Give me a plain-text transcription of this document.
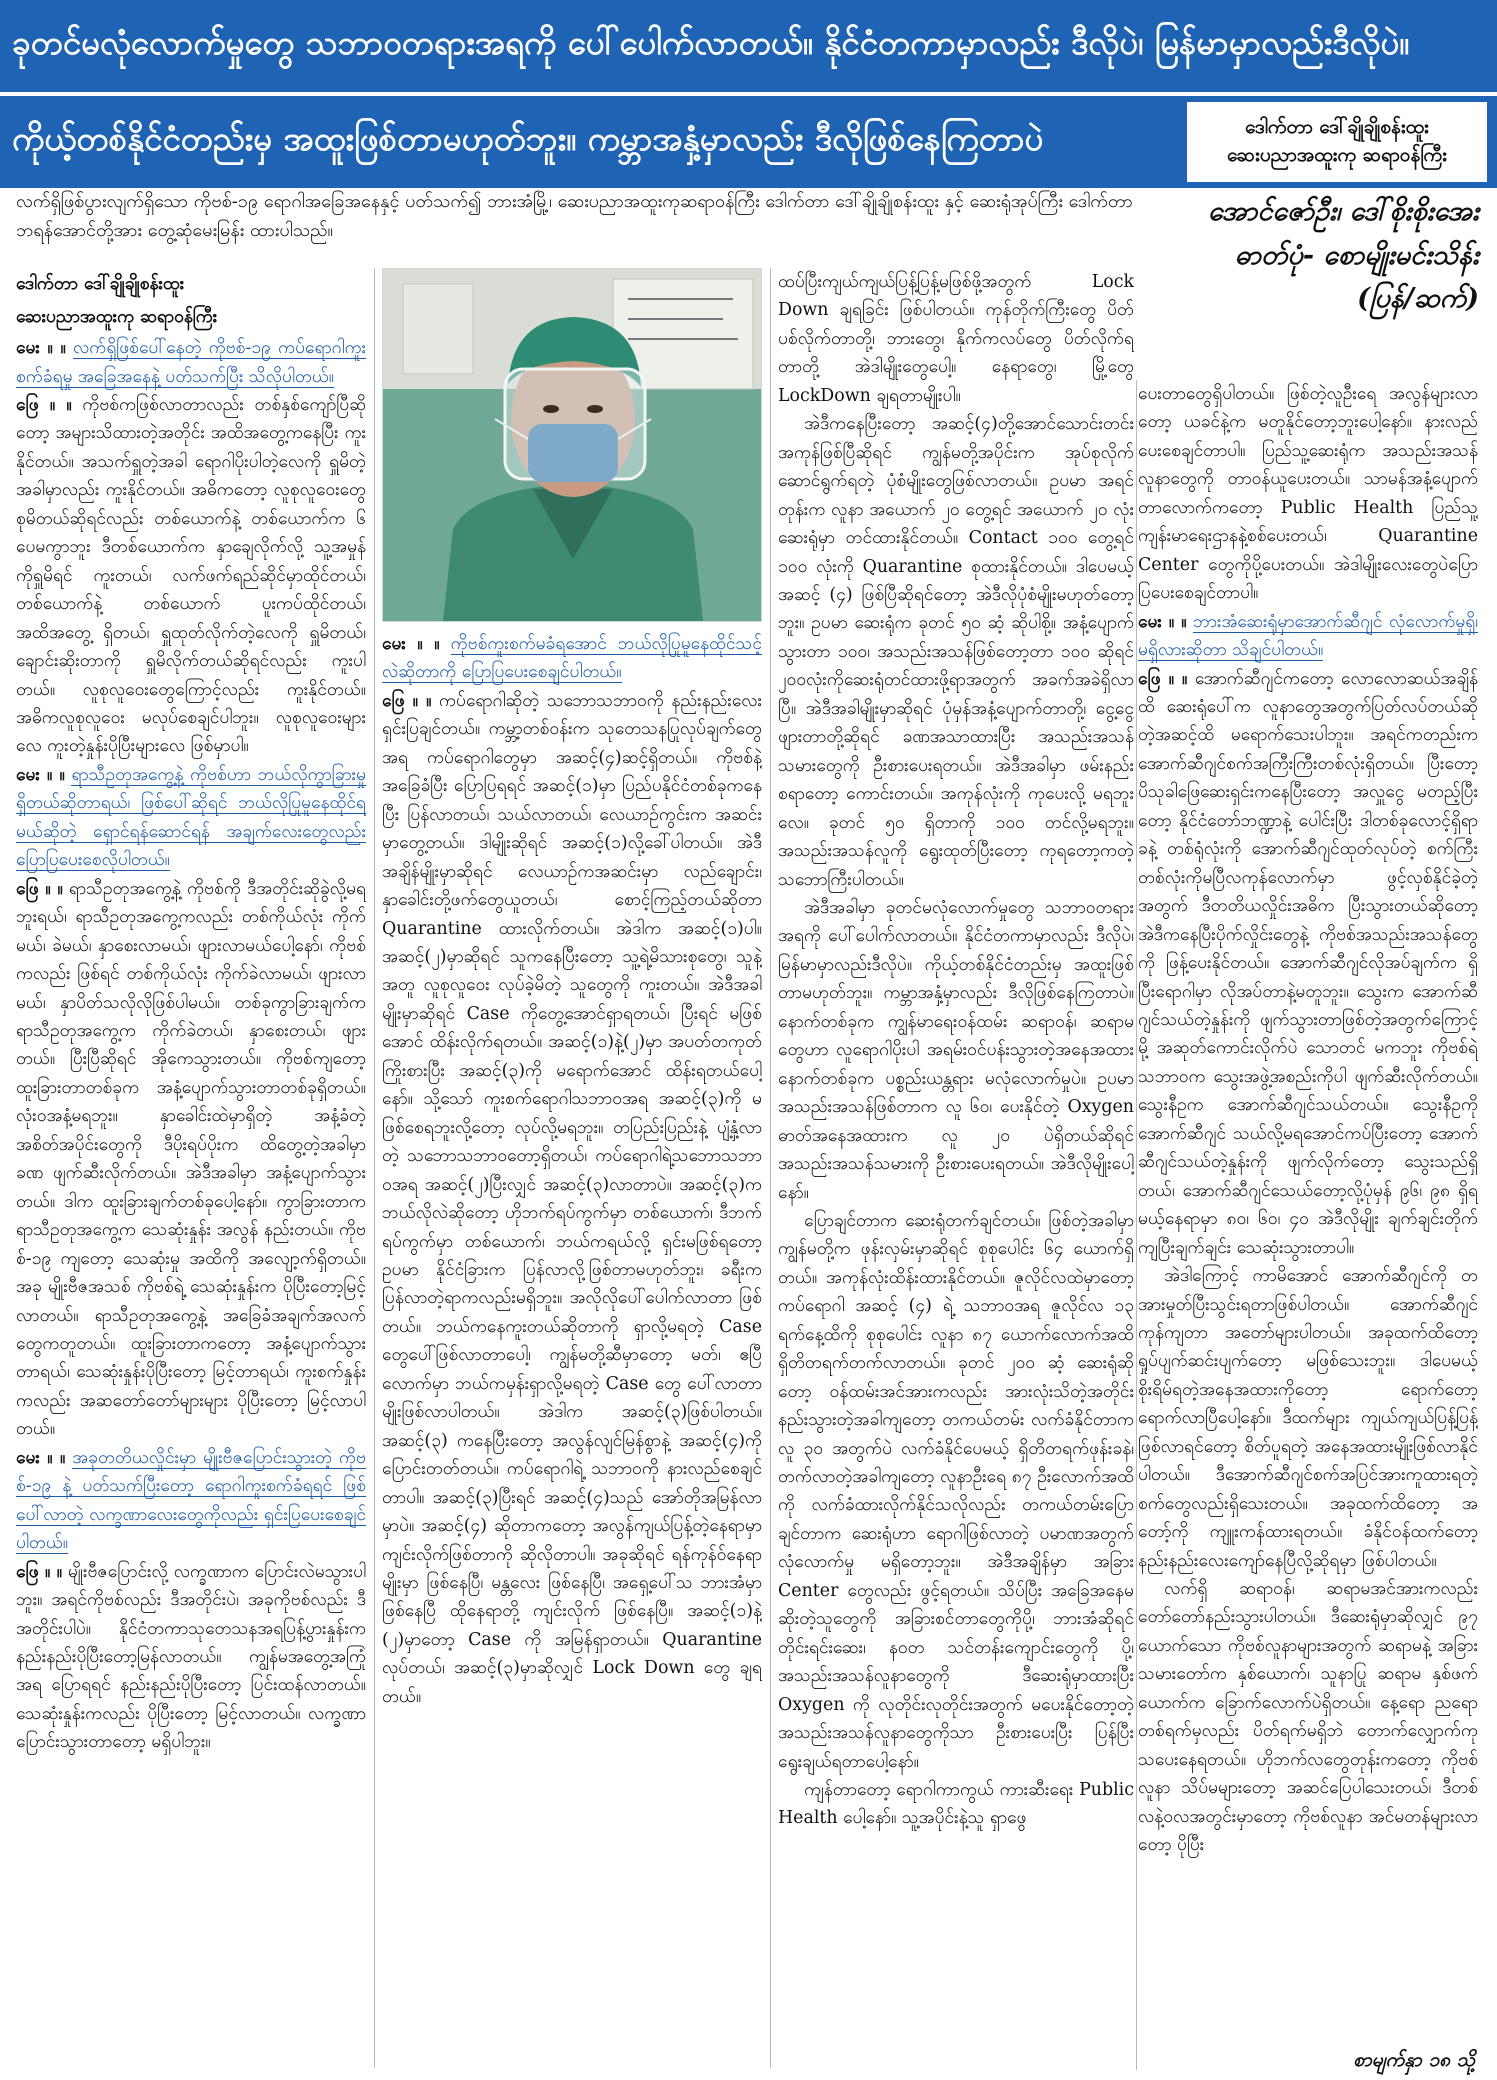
ခုတင်မလုံလောက်မှုတွေ သဘာဝတရားအရကို ပေါ်ပေါက်လာတယ်။ နိုင်ငံတကာမှာလည်း ဒီလိုပဲ၊ မြန်မာမှာလည်းဒီလိုပဲ။
ကိုယ့်တစ်နိုင်ငံတည်းမှ အထူးဖြစ်တာမဟုတ်ဘူး။ ကမ္ဘာအနှံ့မှာလည်း ဒီလိုဖြစ်နေကြတာပဲ	ဒေါက်တာ ဒေါ်ချိုချိုစန်းထူး
ဆေးပညာအထူးကု ဆရာဝန်ကြီး
လက်ရှိဖြစ်ပွားလျက်ရှိသော ကိုဗစ်-၁၉ ရောဂါအခြေအနေနှင့် ပတ်သက်၍ ဘားအံမြို့၊ ဆေးပညာအထူးကုဆရာဝန်ကြီး ဒေါက်တာ ဒေါ်ချိုချိုစန်းထူး နှင့် ဆေးရုံအုပ်ကြီး ဒေါက်တာ ဘရန်အောင်တို့အား တွေ့ဆုံမေးမြန်း ထားပါသည်။
အောင်ဇော်ဦး၊ ဒေါ်စိုးစိုးအေး
ဓာတ်ပုံ- စောမျိုးမင်းသိန်း
(ပြန်/ဆက်)

ဒေါက်တာ ဒေါ်ချိုချိုစန်းထူး
ဆေးပညာအထူးကု ဆရာဝန်ကြီး

မေး ။ ။ လက်ရှိဖြစ်ပေါ်နေတဲ့ ကိုဗစ်-၁၉ ကပ်ရောဂါကူးစက်ခံရမှု အခြေအနေနဲ့ ပတ်သက်ပြီး သိလိုပါတယ်။

ဖြေ ။ ။ ကိုဗစ်ကဖြစ်လာတာလည်း တစ်နှစ်ကျော်ပြီဆိုတော့ အများသိထားတဲ့အတိုင်း အထိအတွေ့ကနေပြီး ကူးနိုင်တယ်။ အသက်ရှူတဲ့အခါ ရောဂါပိုးပါတဲ့လေကို ရှူမိတဲ့အခါမှာလည်း ကူးနိုင်တယ်။ အဓိကတော့ လူစုလူဝေးတွေစုမိတယ်ဆိုရင်လည်း တစ်ယောက်နဲ့ တစ်ယောက်က ၆ ပေမကွာဘူး ဒီတစ်ယောက်က နှာချေလိုက်လို့ သူ့အမှုန်ကိုရှူမိရင် ကူးတယ်၊ လက်ဖက်ရည်ဆိုင်မှာထိုင်တယ်၊ တစ်ယောက်နဲ့ တစ်ယောက် ပူးကပ်ထိုင်တယ်၊ အထိအတွေ့ ရှိတယ်၊ ရှူထုတ်လိုက်တဲ့လေကို ရှူမိတယ်၊ ချောင်းဆိုးတာကို ရှူမိလိုက်တယ်ဆိုရင်လည်း ကူးပါတယ်။ လူစုလူဝေးတွေကြောင့်လည်း ကူးနိုင်တယ်။ အဓိကလူစုလူဝေး မလုပ်စေချင်ပါဘူး။ လူစုလူဝေးများလေ ကူးတဲ့နှုန်းပိုပြီးများလေ ဖြစ်မှာပါ။

မေး ။ ။ ရာသီဥတုအကွေ့နဲ့ ကိုဗစ်ဟာ ဘယ်လိုကွာခြားမှုရှိတယ်ဆိုတာရယ်၊ ဖြစ်ပေါ်ဆိုရင် ဘယ်လိုပြုမူနေထိုင်ရမယ်ဆိုတဲ့ ရှောင်ရန်ဆောင်ရန် အချက်လေးတွေလည်း ပြောပြပေးစေလိုပါတယ်။

ဖြေ ။ ။ ရာသီဥတုအကွေ့နဲ့ ကိုဗစ်ကို ဒီအတိုင်းဆိုခွဲလို့မရဘူးရယ်၊ ရာသီဥတုအကွေ့ကလည်း တစ်ကိုယ်လုံး ကိုက်မယ်၊ ခဲမယ်၊ နှာစေးလာမယ်၊ ဖျားလာမယ်ပေါ့နော်၊ ကိုဗစ်ကလည်း ဖြစ်ရင် တစ်ကိုယ်လုံး ကိုက်ခဲလာမယ်၊ ဖျားလာမယ်၊ နှာပိတ်သလိုလိုဖြစ်ပါမယ်။ တစ်ခုကွာခြားချက်က ရာသီဥတုအကွေ့က ကိုက်ခဲတယ်၊ နှာစေးတယ်၊ ဖျားတယ်။ ပြီးပြီဆိုရင် အိုကေသွားတယ်။ ကိုဗစ်ကျတော့ ထူးခြားတာတစ်ခုက အနံ့ပျောက်သွားတာတစ်ခုရှိတယ်။ လုံးဝအနံ့မရဘူး။ နှာခေါင်းထဲမှာရှိတဲ့ အနံ့ခံတဲ့အစိတ်အပိုင်းတွေကို ဒီပိုးရပ်ပိုးက ထိတွေ့တဲ့အခါမှာ ခဏ ဖျက်ဆီးလိုက်တယ်။ အဲဒီအခါမှာ အနံ့ပျောက်သွားတယ်။ ဒါက ထူးခြားချက်တစ်ခုပေါ့နော်။ ကွာခြားတာက ရာသီဥတုအကွေ့က သေဆုံးနှုန်း အလွန် နည်းတယ်။ ကိုဗစ်-၁၉ ကျတော့ သေဆုံးမှု အထိကို အလျော့က်ရှိတယ်။ အခု မျိုးဗီဇအသစ် ကိုဗစ်ရဲ့ သေဆုံးနှုန်းက ပိုပြီးတော့မြင့်လာတယ်။ ရာသီဥတုအကွေ့နဲ့ အခြေခံအချက်အလက်တွေကတူတယ်။ ထူးခြားတာကတော့ အနံ့ပျောက်သွားတာရယ်၊ သေဆုံးနှုန်းပိုပြီးတော့ မြင့်တာရယ်၊ ကူးစက်နှုန်းကလည်း အဆတော်တော်များများ ပိုပြီးတော့ မြင့်လာပါတယ်။

မေး ။ ။ အခုတတိယလှိုင်းမှာ မျိုးဗီဇပြောင်းသွားတဲ့ ကိုဗစ်-၁၉ နဲ့ ပတ်သက်ပြီးတော့ ရောဂါကူးစက်ခံရရင် ဖြစ်ပေါ်လာတဲ့ လက္ခဏာလေးတွေကိုလည်း ရှင်းပြပေးစေချင်ပါတယ်။

ဖြေ ။ ။ မျိုးဗီဇပြောင်းလို့ လက္ခဏာက ပြောင်းလဲမသွားပါဘူး။ အရင်ကိုဗစ်လည်း ဒီအတိုင်းပဲ၊ အခုကိုဗစ်လည်း ဒီအတိုင်းပါပဲ။ နိုင်ငံတကာသုတေသနအရပြန့်ပွားနှုန်းကနည်းနည်းပိုပြီးတော့မြန်လာတယ်။ ကျွန်မအတွေ့အကြုံအရ ပြောရရင် နည်းနည်းပိုပြီးတော့ ပြင်းထန်လာတယ်။ သေဆုံးနှုန်းကလည်း ပိုပြီးတော့ မြင့်လာတယ်။ လက္ခဏာပြောင်းသွားတာတော့ မရှိပါဘူး။

မေး ။ ။ ကိုဗစ်ကူးစက်မခံရအောင် ဘယ်လိုပြုမူနေထိုင်သင့်လဲဆိုတာကို ပြောပြပေးစေချင်ပါတယ်။

ဖြေ ။ ။ ကပ်ရောဂါဆိုတဲ့ သဘောသဘာဝကို နည်းနည်းလေးရှင်းပြချင်တယ်။ ကမ္ဘာ့တစ်ဝန်းက သုတေသနပြုလုပ်ချက်တွေအရ ကပ်ရောဂါတွေမှာ အဆင့်(၄)ဆင့်ရှိတယ်။ ကိုဗစ်နဲ့ အခြေခံပြီး ပြောပြရရင် အဆင့်(၁)မှာ ပြည်ပနိုင်ငံတစ်ခုကနေပြီး ပြန်လာတယ်၊ သယ်လာတယ်၊ လေယာဉ်ကွင်းက အဆင်းမှာတွေ့တယ်။ ဒါမျိုးဆိုရင် အဆင့်(၁)လို့ခေါ်ပါတယ်။ အဲဒီအချိန်မျိုးမှာဆိုရင် လေယာဉ်ကအဆင်းမှာ လည်ချောင်း၊ နှာခေါင်းတို့ဖက်တွေယူတယ်၊ စောင့်ကြည့်တယ်ဆိုတာ Quarantine ထားလိုက်တယ်။ အဲဒါက အဆင့်(၁)ပါ။ အဆင့်(၂)မှာဆိုရင် သူကနေပြီးတော့ သူ့ရဲ့မိသားစုတွေ၊ သူနဲ့အတူ လူစုလူဝေး လုပ်ခဲ့မိတဲ့ သူတွေကို ကူးတယ်။ အဲဒီအခါမျိုးမှာဆိုရင် Case ကိုတွေ့အောင်ရှာရတယ်၊ ပြီးရင် မဖြစ်အောင် ထိန်းလိုက်ရတယ်။ အဆင့်(၁)နဲ့(၂)မှာ အပတ်တကုတ်ကြိုးစားပြီး အဆင့်(၃)ကို မရောက်အောင် ထိန်းရတယ်ပေါ့နော်။ သို့သော် ကူးစက်ရောဂါသဘာဝအရ အဆင့်(၃)ကို မဖြစ်စေရဘူးလို့တော့ လုပ်လို့မရဘူး။ တပြည်းပြည်းနဲ့ ပျံ့နှံ့လာတဲ့ သဘောသဘာဝတော့ရှိတယ်၊ ကပ်ရောဂါရဲ့သဘောသဘာဝအရ အဆင့်(၂)ပြီးလျှင် အဆင့်(၃)လာတာပဲ။ အဆင့်(၃)က ဘယ်လိုလဲဆိုတော့ ဟိုဘက်ရပ်ကွက်မှာ တစ်ယောက်၊ ဒီဘက်ရပ်ကွက်မှာ တစ်ယောက်၊ ဘယ်ကရယ်လို့ ရှင်းမဖြစ်ရတော့ ဥပမာ နိုင်ငံခြားက ပြန်လာလို့ဖြစ်တာမဟုတ်ဘူး၊ ခရီးက ပြန်လာတဲ့ရာကလည်းမရှိဘူး။ အလိုလိုပေါ်ပေါက်လာတာ ဖြစ်တယ်။ ဘယ်ကနေကူးတယ်ဆိုတာကို ရှာလို့မရတဲ့ Case တွေပေါ်ဖြစ်လာတာပေါ့၊ ကျွန်မတို့ဆီမှာတော့ မတ်၊ ဧပြီ လောက်မှာ ဘယ်ကမှန်းရှာလို့မရတဲ့ Case တွေ ပေါ်လာတာမျိုးဖြစ်လာပါတယ်။ အဲဒါက အဆင့်(၃)ဖြစ်ပါတယ်။ အဆင့်(၃) ကနေပြီးတော့ အလွန်လျင်မြန်စွာနဲ့ အဆင့်(၄)ကို ပြောင်းတတ်တယ်။ ကပ်ရောဂါရဲ့ သဘာဝကို နားလည်စေချင်တာပါ။ အဆင့်(၃)ပြီးရင် အဆင့်(၄)သည် အော်တိုအမြန်လာမှာပဲ။ အဆင့်(၄) ဆိုတာကတော့ အလွန်ကျယ်ပြန့်တဲ့နေရာမှာ ကျင်းလိုက်ဖြစ်တာကို ဆိုလိုတာပါ။ အခုဆိုရင် ရန်ကုန်ဝ်နေရာမျိုးမှာ ဖြစ်နေပြီ၊ မန္တလေး ဖြစ်နေပြီ၊ အရှေ့ပေါ်သ ဘားအံမှာ ဖြစ်နေပြီ ထိုနေရာတို့ ကျင်းလိုက် ဖြစ်နေပြီ။ အဆင့်(၁)နဲ့ (၂)မှာတော့ Case ကို အမြန်ရှာတယ်။ Quarantine လုပ်တယ်၊ အဆင့်(၃)မှာဆိုလျှင် Lock Down တွေ ချရတယ်။

ထပ်ပြီးကျယ်ကျယ်ပြန့်ပြန့်မဖြစ်ဖို့အတွက် Lock Down ချရခြင်း ဖြစ်ပါတယ်။ ကုန်တိုက်ကြီးတွေ ပိတ်ပစ်လိုက်တာတို့၊ ဘားတွေ၊ နိုက်ကလပ်တွေ ပိတ်လိုက်ရတာတို့ အဲဒါမျိုးတွေပေါ့။ နေရာတွေ၊ မြို့တွေ LockDown ချရတာမျိုးပါ။

အဲဒီကနေပြီးတော့ အဆင့်(၄)တို့အောင်သောင်းတင်း အကုန်ဖြစ်ပြီဆိုရင် ကျွန်မတို့အပိုင်းက အုပ်စုလိုက် ဆောင်ရွက်ရတဲ့ ပုံစံမျိုးတွေဖြစ်လာတယ်။ ဥပမာ အရင်တုန်းက လူနာ အယောက် ၂၀ တွေ့ရင် အယောက် ၂၀ လုံး ဆေးရုံမှာ တင်ထားနိုင်တယ်။ Contact ၁၀၀ တွေ့ရင် ၁၀၀ လုံးကို Quarantine စုထားနိုင်တယ်။ ဒါပေမယ့် အဆင့် (၄) ဖြစ်ပြီဆိုရင်တော့ အဲဒီလိုပုံစံမျိုးမဟုတ်တော့ဘူး။ ဥပမာ ဆေးရုံက ခုတင် ၅၀ ဆံ့ ဆိုပါစို့။ အနံ့ပျောက်သွားတာ ၁၀၀၊ အသည်းအသန်ဖြစ်တော့တာ ၁၀၀ ဆိုရင် ၂၀၀လုံးကိုဆေးရုံတင်ထားဖို့ရာအတွက် အခက်အခဲရှိလာပြီ။ အဲဒီအခါမျိုးမှာဆိုရင် ပုံမှန်အနံ့ပျောက်တာတို့၊ ငွေ့ငွေ့ဖျားတာတို့ဆိုရင် ခဏအသာထားပြီး အသည်းအသန်သမားတွေကို ဦးစားပေးရတယ်။ အဲဒီအခါမှာ ဖမ်းနည်းစရာတော့ ကောင်းတယ်။ အကုန်လုံးကို ကုပေးလို့ မရဘူးလေ။ ခုတင် ၅၀ ရှိတာကို ၁၀၀ တင်လို့မရဘူး။ အသည်းအသန်လူကို ရွေးထုတ်ပြီးတော့ ကုရတော့ကတဲ့သဘောကြီးပါတယ်။

အဲဒီအခါမှာ ခုတင်မလုံလောက်မှုတွေ သဘာဝတရားအရကို ပေါ်ပေါက်လာတယ်။ နိုင်ငံတကာမှာလည်း ဒီလိုပဲ၊ မြန်မာမှာလည်းဒီလိုပဲ။ ကိုယ့်တစ်နိုင်ငံတည်းမှ အထူးဖြစ်တာမဟုတ်ဘူး။ ကမ္ဘာအနှံ့မှာလည်း ဒီလိုဖြစ်နေကြတာပဲ။ နောက်တစ်ခုက ကျွန်မာရေးဝန်ထမ်း ဆရာဝန်၊ ဆရာမတွေဟာ လူရောဂါပိုးပါ အရမ်းဝင်ပန်းသွားတဲ့အနေအထားနောက်တစ်ခုက ပစ္စည်းယန္တရား မလုံလောက်မှုပဲ။ ဥပမာ အသည်းအသန်ဖြစ်တာက လူ ၆၀၊ ပေးနိုင်တဲ့ Oxygen ဓာတ်အနေအထားက လူ ၂၀ ပဲရှိတယ်ဆိုရင် အသည်းအသန်သမားကို ဦးစားပေးရတယ်။ အဲဒီလိုမျိုးပေါ့နော်။

ပြောချင်တာက ဆေးရုံတက်ချင်တယ်။ ဖြစ်တဲ့အခါမှာ ကျွန်မတို့က ဖုန်းလှမ်းမှာဆိုရင် စုစုပေါင်း ၆၄ ယောက်ရှိတယ်။ အကုန်လုံးထိန်းထားနိုင်တယ်။ ဇူလိုင်လထဲမှာတော့ ကပ်ရောဂါ အဆင့် (၄) ရဲ့ သဘာဝအရ ဇူလိုင်လ ၁၃ ရက်နေ့ထိကို စုစုပေါင်း လူနာ ၈၇ ယောက်လောက်အထိ ရှိတိတရက်တက်လာတယ်။ ခုတင် ၂၀၀ ဆံ့ ဆေးရုံဆိုတော့ ဝန်ထမ်းအင်အားကလည်း အားလုံးသိတဲ့အတိုင်း နည်းသွားတဲ့အခါကျတော့ တကယ်တမ်း လက်ခံနိုင်တာက လူ ၃၀ အတွက်ပဲ လက်ခံနိုင်ပေမယ့် ရှိတိတရက်ဖုန်းခနဲ၊ တက်လာတဲ့အခါကျတော့ လူနာဦးရေ ၈၇ ဦးလောက်အထိကို လက်ခံထားလိုက်နိုင်သလိုလည်း တကယ်တမ်းပြောချင်တာက ဆေးရုံဟာ ရောဂါဖြစ်လာတဲ့ ပမာဏအတွက် လုံလောက်မှု မရှိတော့ဘူး။ အဲဒီအချိန်မှာ အခြား Center တွေလည်း ဖွင့်ရတယ်။ သိပ်ပြီး အခြေအနေမဆိုးတဲ့သူတွေကို အခြားစင်တာတွေကိုပို့၊ ဘားအံဆိုရင် တိုင်းရင်းဆေး၊ နဝတ သင်တန်းကျောင်းတွေကို ပို့၊ အသည်းအသန်လူနာတွေကို ဒီဆေးရုံမှာထားပြီး Oxygen ကို လုတိုင်းလုတိုင်းအတွက် မပေးနိုင်တော့တဲ့ အသည်းအသန်လူနာတွေကိုသာ ဦးစားပေးပြီး ပြန်ပြီး ရွေးချယ်ရတာပေါ့နော်။

ကျန်တာတော့ ရောဂါကာကွယ် ကားဆီးရေး Public Health ပေါ့နော်။ သူ့အပိုင်းနဲ့သူ ရှာဖွေ

ပေးတာတွေရှိပါတယ်။ ဖြစ်တဲ့လူဦးရေ အလွန်များလာတော့ ယခင်နဲ့က မတူနိုင်တော့ဘူးပေါ့နော်။ နားလည်ပေးစေချင်တာပါ။ ပြည်သူ့ဆေးရုံက အသည်းအသန် လူနာတွေကို တာဝန်ယူပေးတယ်။ သာမန်အနံ့ပျောက်တာလောက်ကတော့ Public Health ပြည်သူ့ကျန်းမာရေးဌာနနဲ့စစ်ပေးတယ်၊ Quarantine Center တွေကိုပို့ပေးတယ်။ အဲဒါမျိုးလေးတွေပဲပြောပြပေးစေချင်တာပါ။

မေး ။ ။ ဘားအံဆေးရုံမှာအောက်ဆီဂျင် လုံလောက်မှုရှိ၊ မရှိလားဆိုတာ သိချင်ပါတယ်။

ဖြေ ။ ။ အောက်ဆီဂျင်ကတော့ လောလောဆယ်အချိန်ထိ ဆေးရုံပေါ်က လူနာတွေအတွက်ပြတ်လပ်တယ်ဆိုတဲ့အဆင့်ထိ မရောက်သေးပါဘူး။ အရင်ကတည်းက အောက်ဆီဂျင်စက်အကြီးကြီးတစ်လုံးရှိတယ်။ ပြီးတော့ ပိသုခါဖြေဆေးရှင်းကနေပြီးတော့ အလှူငွေ မတည့်ပြီးတော့ နိုင်ငံတော်ဘဏ္ဍာနဲ့ ပေါင်းပြီး ဒါတစ်ခုလောင့်ရှိရာခနဲ့ တစ်ရုံလုံးကို အောက်ဆီဂျင်ထုတ်လုပ်တဲ့ စက်ကြီးတစ်လုံးကိုမပြီလကုန်လောက်မှာ ဖွင့်လှစ်နိုင်ခဲ့တဲ့အတွက် ဒီတတိယလှိုင်းအဓိက ပြီးသွားတယ်ဆိုတော့ အဲဒီကနေပြီးပိုက်လှိုင်းတွေနဲ့ ကိုဗစ်အသည်းအသန်တွေကို ဖြန့်ပေးနိုင်တယ်။ အောက်ဆီဂျင်လိုအပ်ချက်က ရှိပြီးရောဂါမှာ လိုအပ်တာနဲ့မတူဘူး။ သွေးက အောက်ဆီဂျင်သယ်တဲ့နှုန်းကို ဖျက်သွားတာဖြစ်တဲ့အတွက်ကြောင့်မို့ အဆုတ်ကောင်းလိုက်ပဲ သောတင် မကဘူး ကိုဗစ်ရဲ့သဘာဝက သွေးအဖွဲ့အစည်းကိုပါ ဖျက်ဆီးလိုက်တယ်။ သွေးနီဥက အောက်ဆီဂျင်သယ်တယ်။ သွေးနီဥကို အောက်ဆီဂျင် သယ်လို့မရအောင်ကပ်ပြီးတော့ အောက်ဆီဂျင်သယ်တဲ့နှုန်းကို ဖျက်လိုက်တော့ သွေးသည်ရှိတယ်၊ အောက်ဆီဂျင်သေယ်တော့လို့ပုံမှန် ၉၆၊ ၉၈ ရှိရမယ့်နေရာမှာ ၈၀၊ ၆၀၊ ၄၀ အဲဒီလိုမျိုး ချက်ချင်းတိုက်ကျပြီးချက်ချင်း သေဆုံးသွားတာပါ။

အဲဒါကြောင့် ကာမိအောင် အောက်ဆီဂျင်ကို တအားမှုတ်ပြီးသွင်းရတာဖြစ်ပါတယ်။ အောက်ဆီဂျင်ကုန်ကျတာ အတော်များပါတယ်။ အခုထက်ထိတော့ ရှုပ်ပျက်ဆင်းပျက်တော့ မဖြစ်သေးဘူး။ ဒါပေမယ့် စိုးရိမ်ရတဲ့အနေအထားကိုတော့ ရောက်တော့ ရောက်လာပြီပေါ့နော်။ ဒီထက်များ ကျယ်ကျယ်ပြန့်ပြန့်ဖြစ်လာရင်တော့ စိတ်ပူရတဲ့ အနေအထားမျိုးဖြစ်လာနိုင်ပါတယ်။ ဒီအောက်ဆီဂျင်စက်အပြင်အားကူထားရတဲ့စက်တွေလည်းရှိသေးတယ်။ အခုထက်ထိတော့ အတော့်ကို ကျူးကန်ထားရတယ်။ ခံနိုင်ဝန်ထက်တော့ နည်းနည်းလေးကျော်နေပြီလို့ဆိုရမှာ ဖြစ်ပါတယ်။

လက်ရှိ ဆရာဝန်၊ ဆရာမအင်အားကလည်းတော်တော်နည်းသွားပါတယ်။ ဒီဆေးရုံမှာဆိုလျှင် ၉၇ ယောက်သော ကိုဗစ်လူနာများအတွက် ဆရာမနဲ့ အခြား သမားတော်က နှစ်ယောက်၊ သူနာပြု ဆရာမ နှစ်ဖက်ယောက်က ခြောက်လောက်ပဲရှိတယ်။ နေ့ရော ညရော တစ်ရက်မှလည်း ပိတ်ရက်မရှိဘဲ တောက်လျှောက်ကုသပေးနေရတယ်။ ဟိုဘက်လတွေတုန်းကတော့ ကိုဗစ်လူနာ သိပ်မများတော့ အဆင်ပြေပါသေးတယ်၊ ဒီတစ်လနဲ့ဝလအတွင်းမှာတော့ ကိုဗစ်လူနာ အင်မတန်များလာတော့ ပိုပြီး

စာမျက်နှာ ၁၈ သို့
